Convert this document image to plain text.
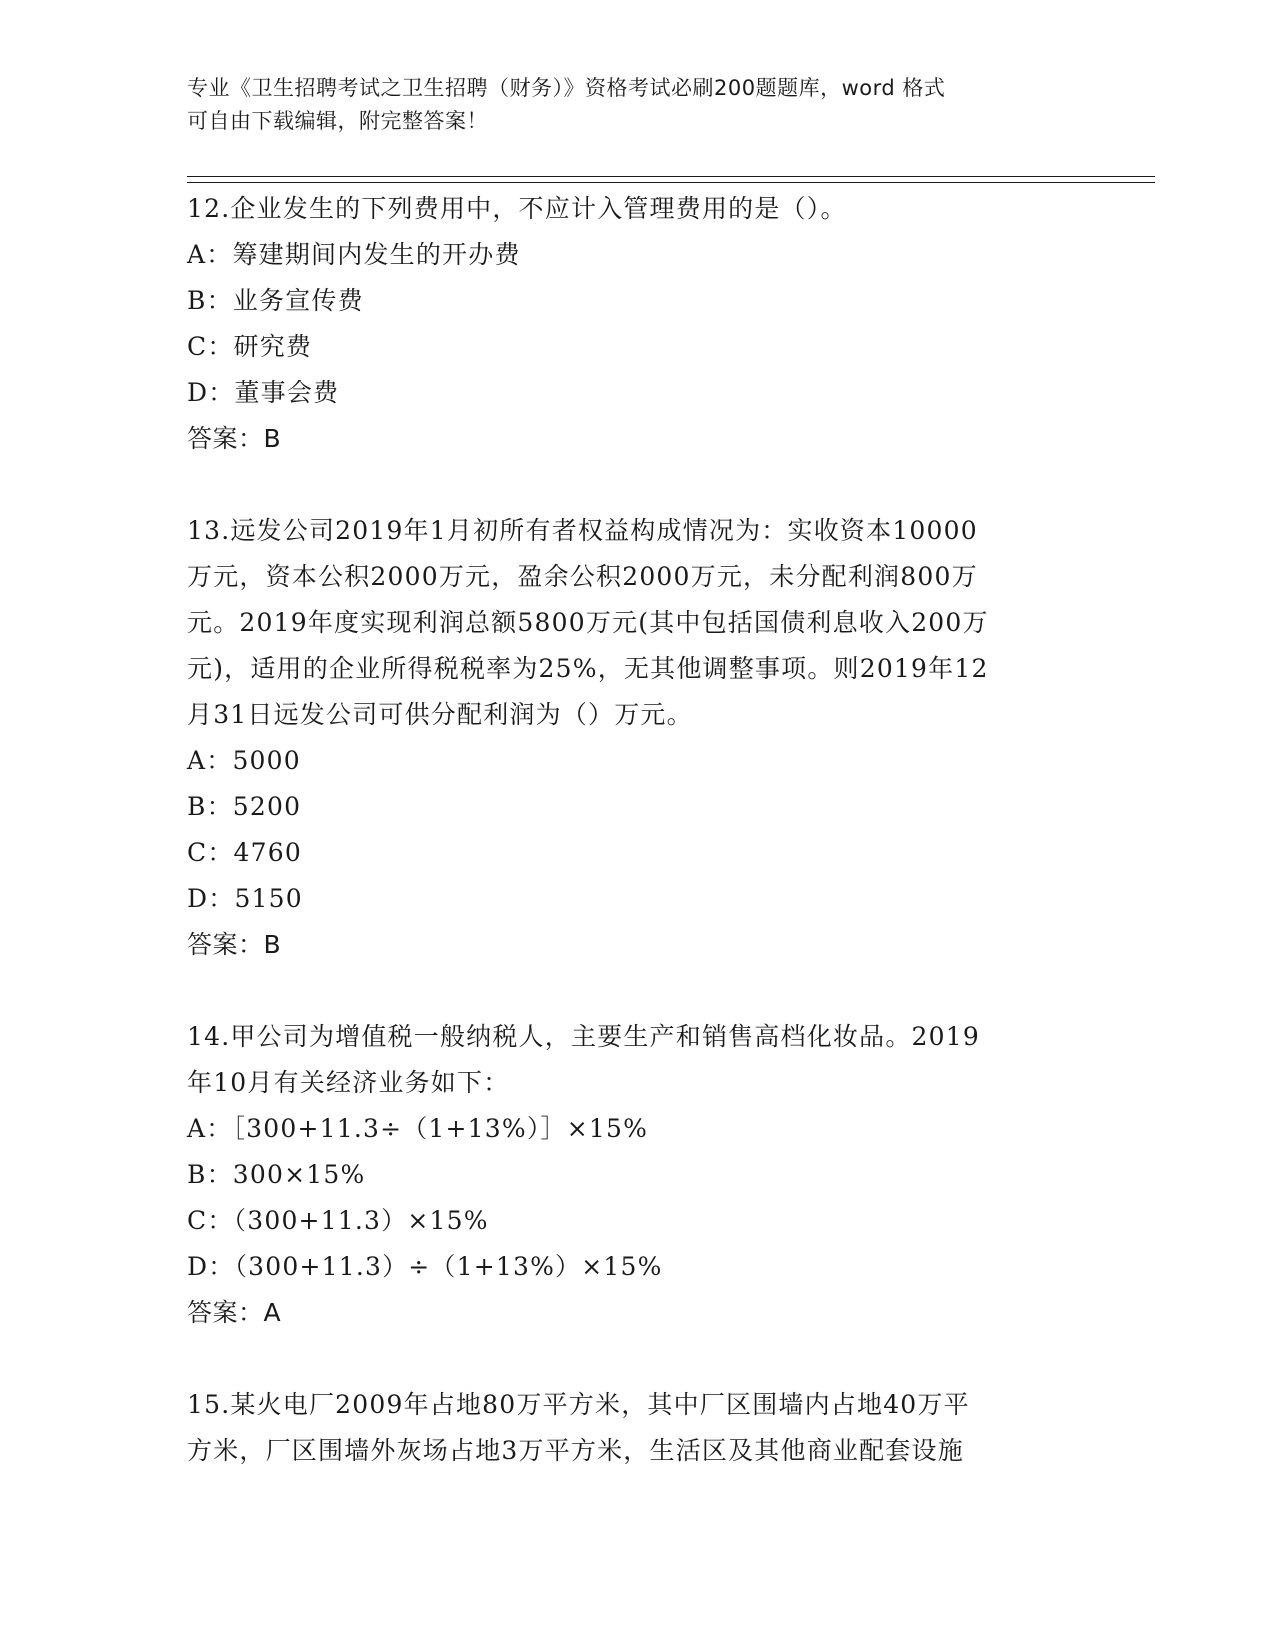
专业《卫生招聘考试之卫生招聘（财务）》资格考试必刷200题题库，word 格式
可自由下载编辑，附完整答案！

12.企业发生的下列费用中，不应计入管理费用的是（）。

A：筹建期间内发生的开办费

B：业务宣传费

C：研究费

D：董事会费

答案：B

13.远发公司2019年1月初所有者权益构成情况为：实收资本10000

万元，资本公积2000万元，盈余公积2000万元，未分配利润800万

元。2019年度实现利润总额5800万元(其中包括国债利息收入200万

元)，适用的企业所得税税率为25%，无其他调整事项。则2019年12

月31日远发公司可供分配利润为（）万元。

A：5000

B：5200

C：4760

D：5150

答案：B

14.甲公司为增值税一般纳税人，主要生产和销售高档化妆品。2019

年10月有关经济业务如下：

A：［300+11.3÷（1+13%）］×15%

B：300×15%

C：（300+11.3）×15%

D：（300+11.3）÷（1+13%）×15%

答案：A

15.某火电厂2009年占地80万平方米，其中厂区围墙内占地40万平

方米，厂区围墙外灰场占地3万平方米，生活区及其他商业配套设施
